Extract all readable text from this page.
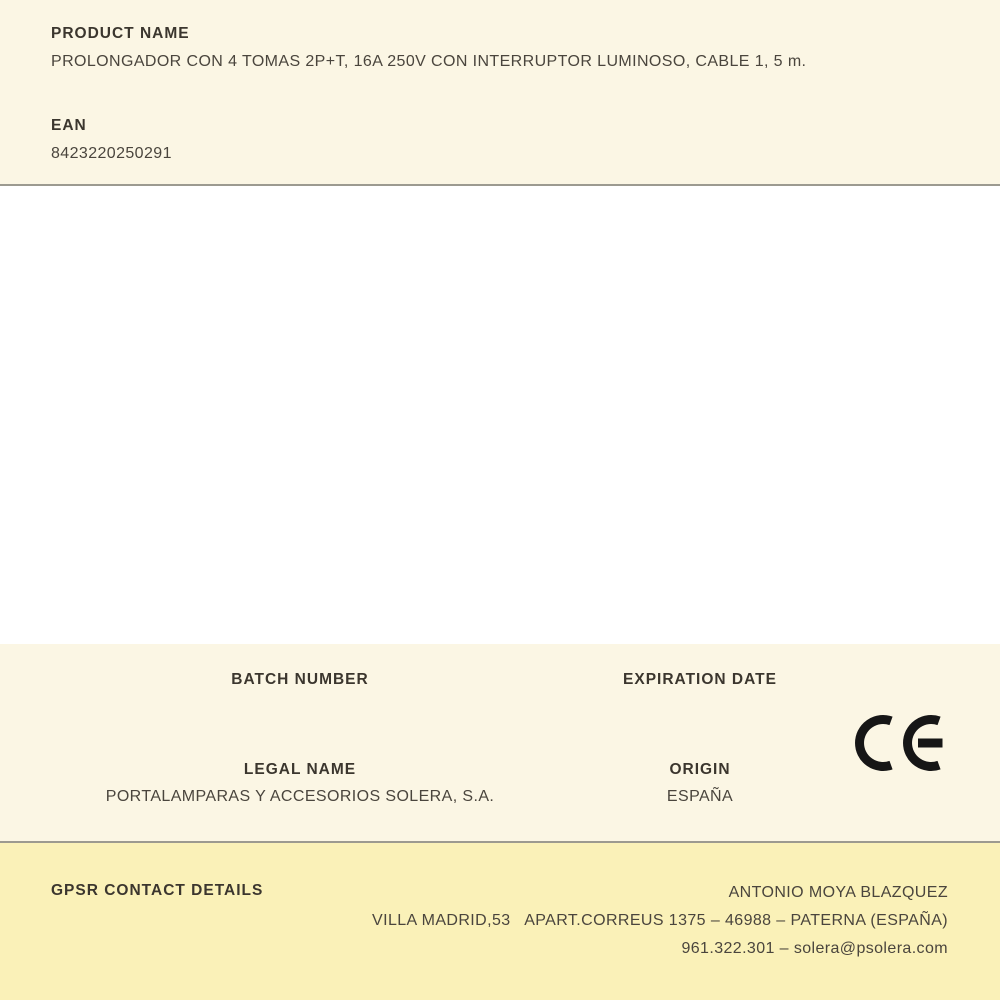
PRODUCT NAME
PROLONGADOR CON 4 TOMAS 2P+T, 16A 250V CON INTERRUPTOR LUMINOSO, CABLE 1, 5 m.
EAN
8423220250291
BATCH NUMBER
LEGAL NAME
PORTALAMPARAS Y ACCESORIOS SOLERA, S.A.
EXPIRATION DATE
ORIGIN
ESPAÑA
GPSR CONTACT DETAILS	ANTONIO MOYA BLAZQUEZ
VILLA MADRID,53   APART.CORREUS 1375 – 46988 – PATERNA (ESPAÑA)
961.322.301 – solera@psolera.com
